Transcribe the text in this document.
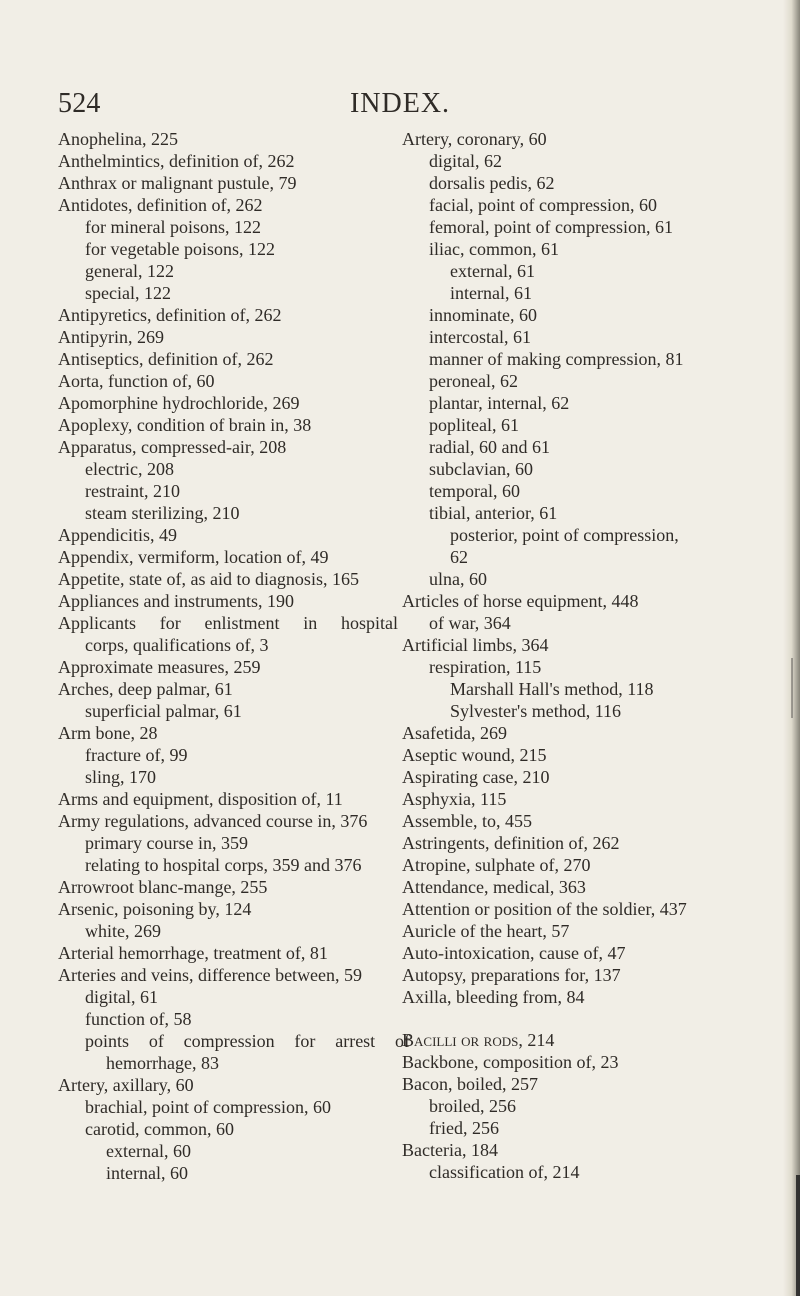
524	INDEX.
Anophelina, 225
Anthelmintics, definition of, 262
Anthrax or malignant pustule, 79
Antidotes, definition of, 262
for mineral poisons, 122
for vegetable poisons, 122
general, 122
special, 122
Antipyretics, definition of, 262
Antipyrin, 269
Antiseptics, definition of, 262
Aorta, function of, 60
Apomorphine hydrochloride, 269
Apoplexy, condition of brain in, 38
Apparatus, compressed-air, 208
electric, 208
restraint, 210
steam sterilizing, 210
Appendicitis, 49
Appendix, vermiform, location of, 49
Appetite, state of, as aid to diagnosis, 165
Appliances and instruments, 190
Applicants for enlistment in hospital
corps, qualifications of, 3
Approximate measures, 259
Arches, deep palmar, 61
superficial palmar, 61
Arm bone, 28
fracture of, 99
sling, 170
Arms and equipment, disposition of, 11
Army regulations, advanced course in, 376
primary course in, 359
relating to hospital corps, 359 and 376
Arrowroot blanc-mange, 255
Arsenic, poisoning by, 124
white, 269
Arterial hemorrhage, treatment of, 81
Arteries and veins, difference between, 59
digital, 61
function of, 58
points of compression for arrest of
hemorrhage, 83
Artery, axillary, 60
brachial, point of compression, 60
carotid, common, 60
external, 60
internal, 60
Artery, coronary, 60
digital, 62
dorsalis pedis, 62
facial, point of compression, 60
femoral, point of compression, 61
iliac, common, 61
external, 61
internal, 61
innominate, 60
intercostal, 61
manner of making compression, 81
peroneal, 62
plantar, internal, 62
popliteal, 61
radial, 60 and 61
subclavian, 60
temporal, 60
tibial, anterior, 61
posterior, point of compression,
62
ulna, 60
Articles of horse equipment, 448
of war, 364
Artificial limbs, 364
respiration, 115
Marshall Hall's method, 118
Sylvester's method, 116
Asafetida, 269
Aseptic wound, 215
Aspirating case, 210
Asphyxia, 115
Assemble, to, 455
Astringents, definition of, 262
Atropine, sulphate of, 270
Attendance, medical, 363
Attention or position of the soldier, 437
Auricle of the heart, 57
Auto-intoxication, cause of, 47
Autopsy, preparations for, 137
Axilla, bleeding from, 84
Bacilli or rods, 214
Backbone, composition of, 23
Bacon, boiled, 257
broiled, 256
fried, 256
Bacteria, 184
classification of, 214
